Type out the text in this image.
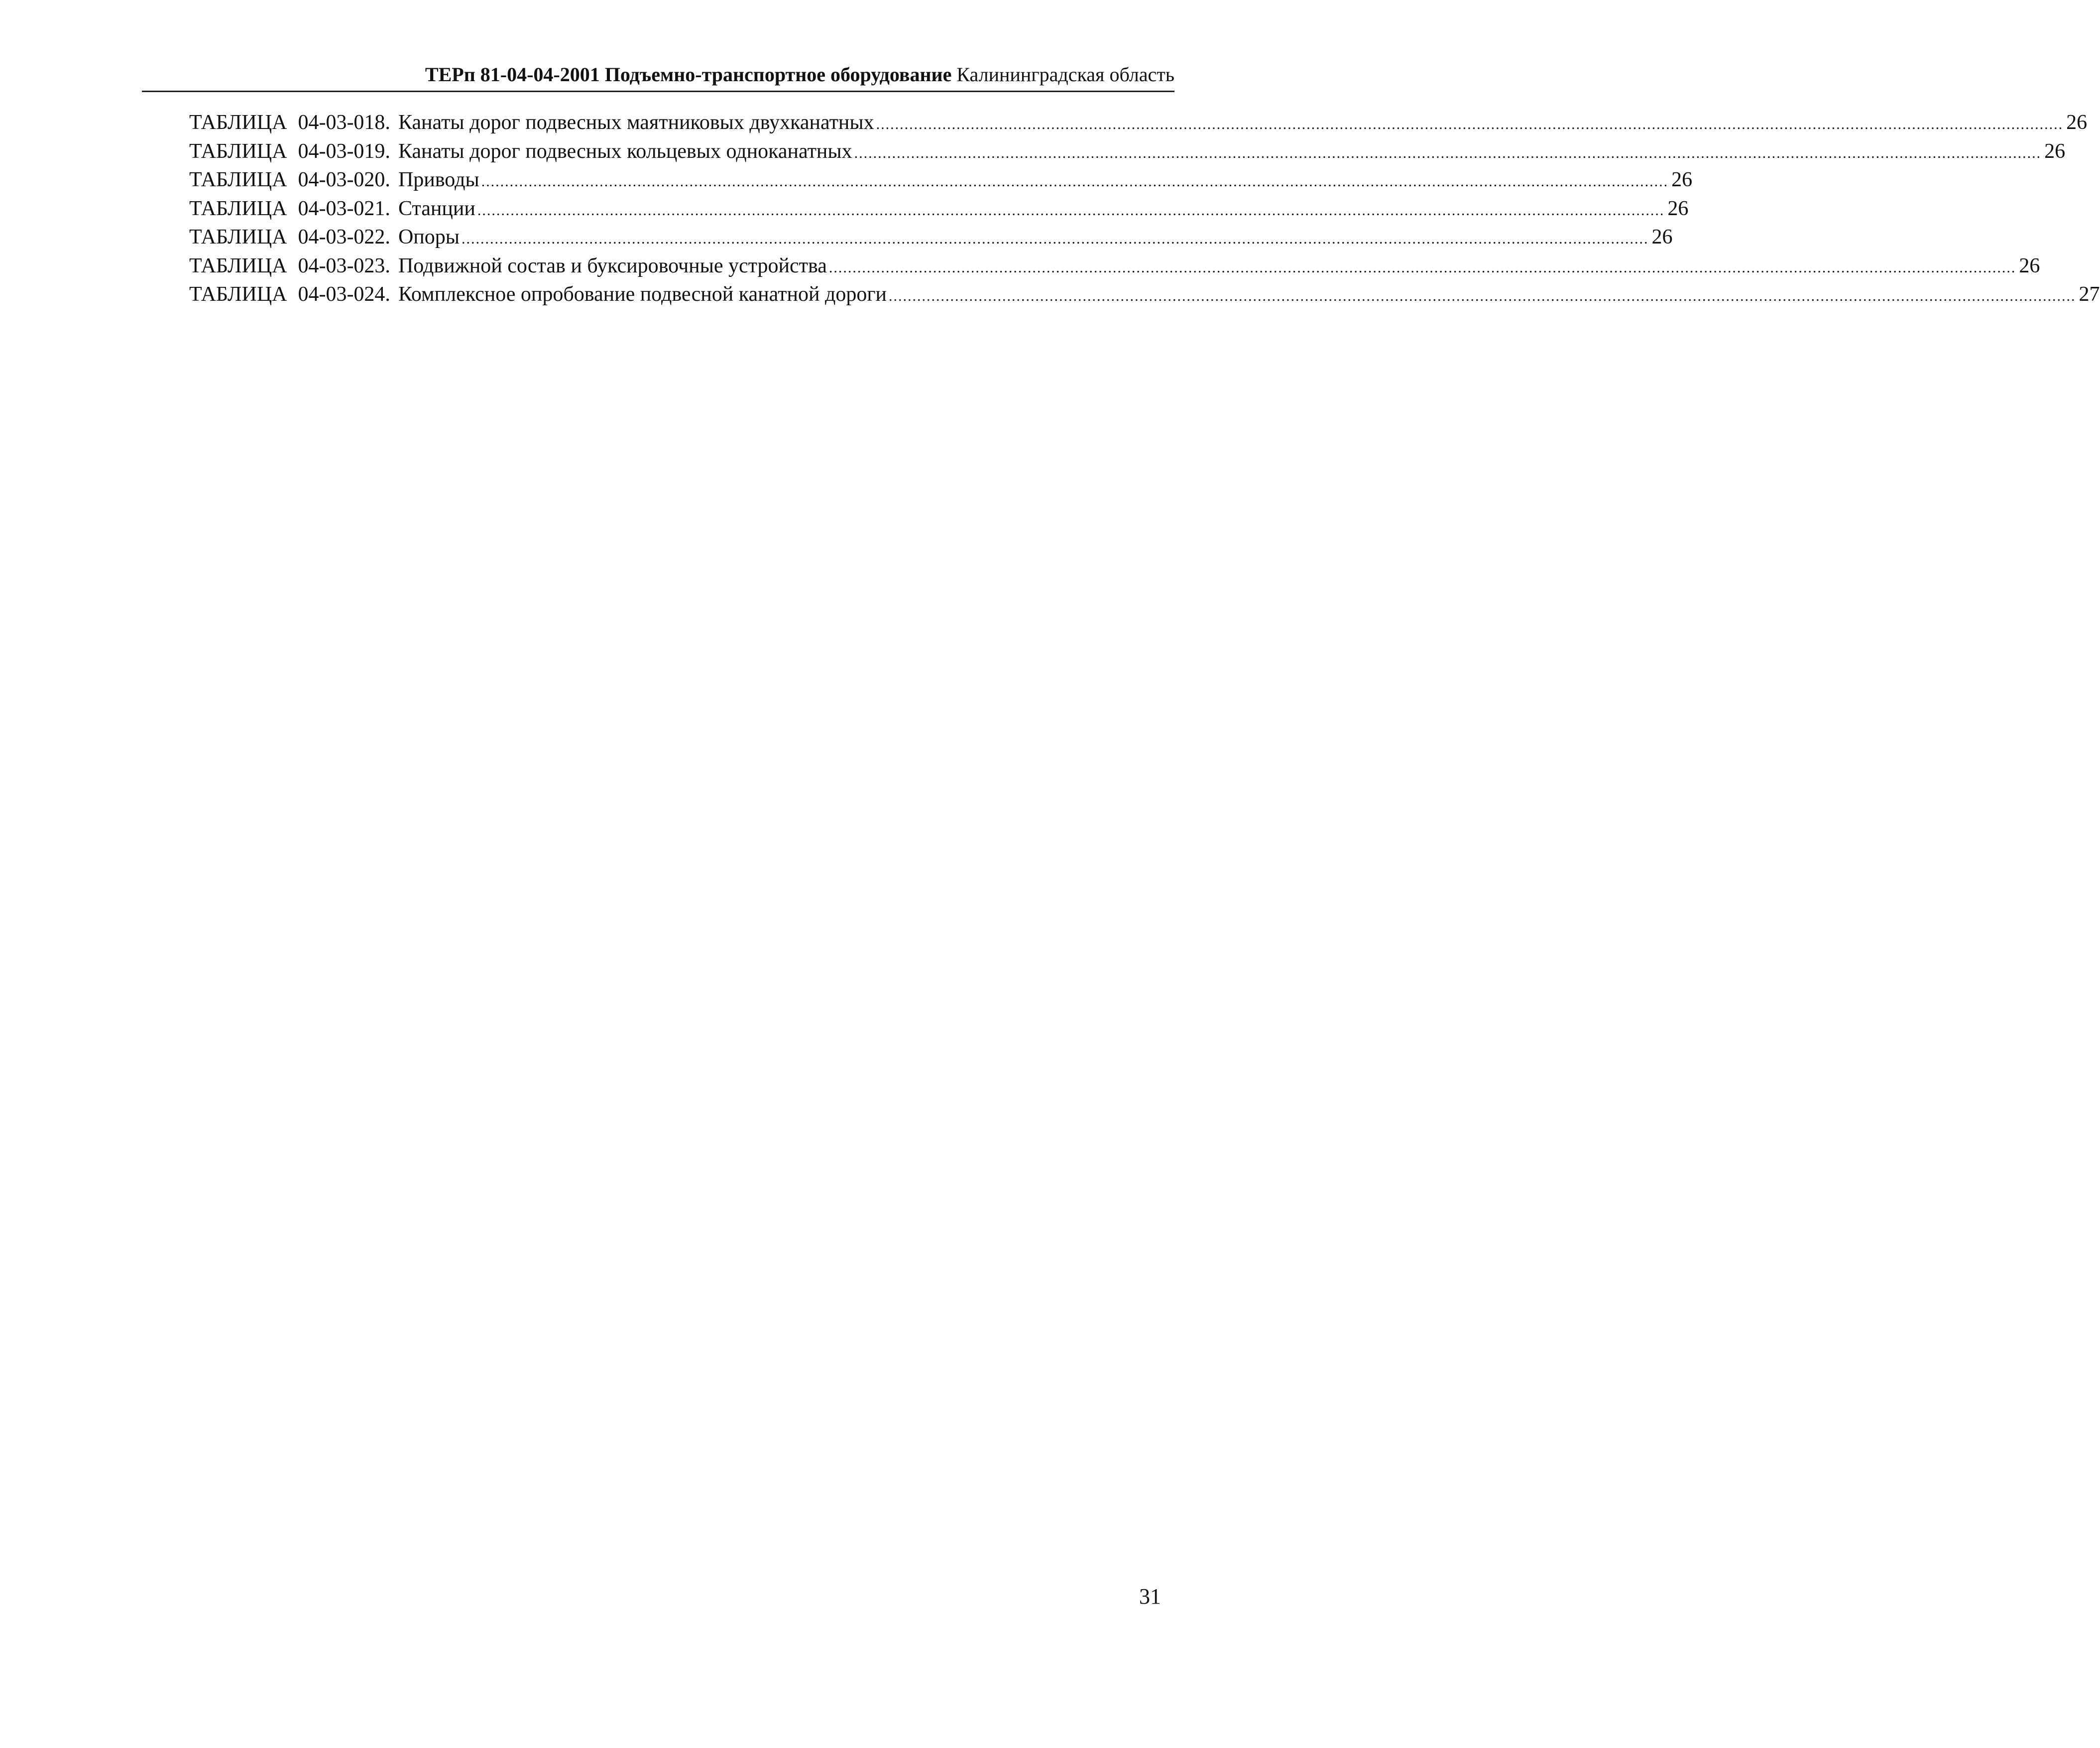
ТЕРп 81-04-04-2001 Подъемно-транспортное оборудование Калининградская область
ТАБЛИЦА 04-03-018. Канаты дорог подвесных маятниковых двухканатных ........................................................................................................................................................................................................................................................... 26
ТАБЛИЦА 04-03-019. Канаты дорог подвесных кольцевых одноканатных ........................................................................................................................................................................................................................................................... 26
ТАБЛИЦА 04-03-020. Приводы ........................................................................................................................................................................................................................................................... 26
ТАБЛИЦА 04-03-021. Станции ........................................................................................................................................................................................................................................................... 26
ТАБЛИЦА 04-03-022. Опоры ........................................................................................................................................................................................................................................................... 26
ТАБЛИЦА 04-03-023. Подвижной состав и буксировочные устройства ........................................................................................................................................................................................................................................................... 26
ТАБЛИЦА 04-03-024. Комплексное опробование подвесной канатной дороги ........................................................................................................................................................................................................................................................... 27
31
